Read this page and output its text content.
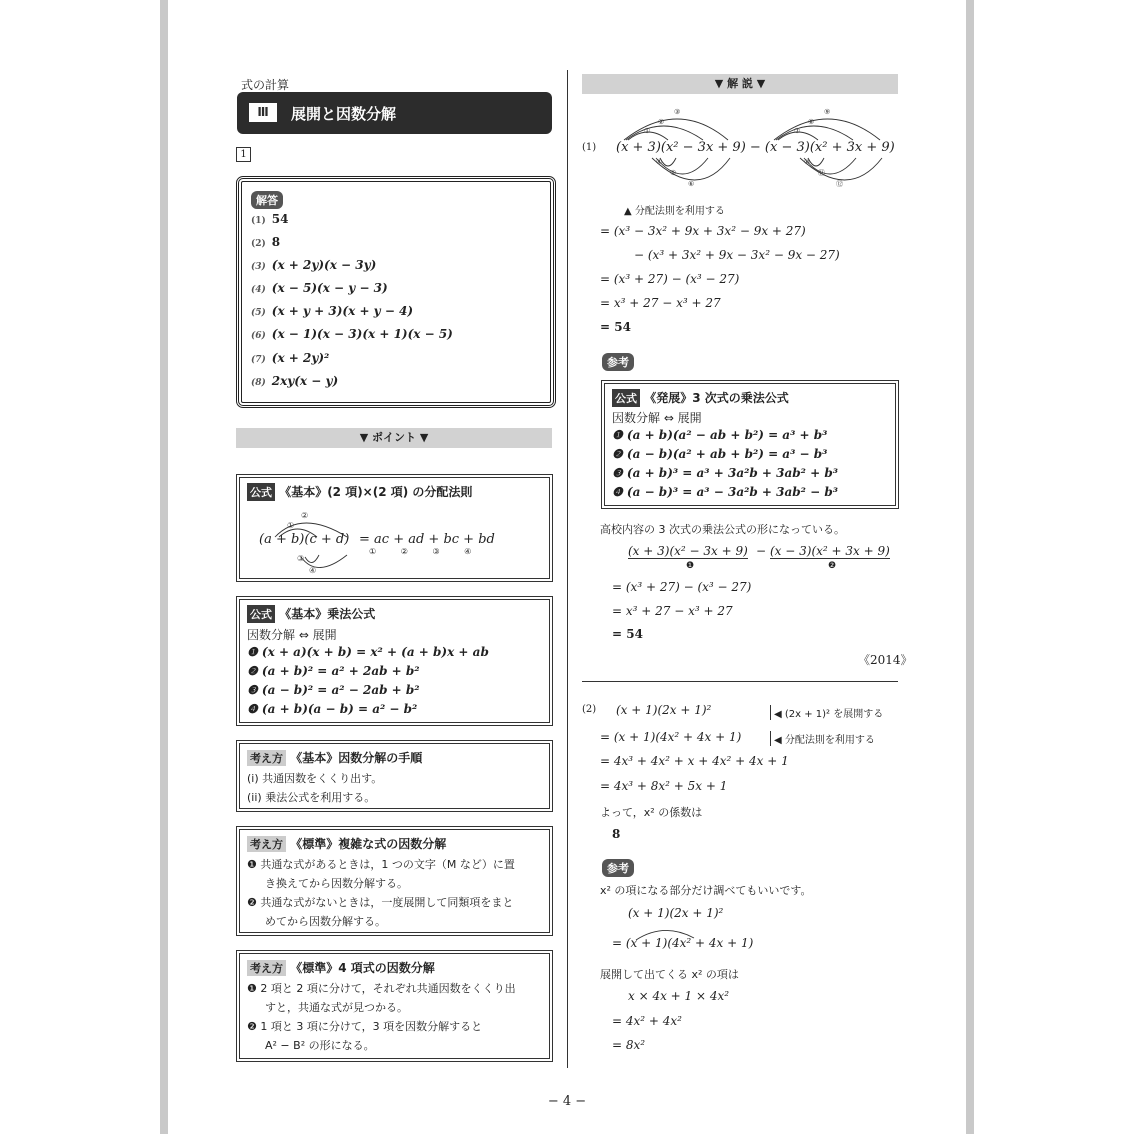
式の計算
Ⅲ	展開と因数分解
1
解答
(1) 54
(2) 8
(3) (x + 2y)(x − 3y)
(4) (x − 5)(x − y − 3)
(5) (x + y + 3)(x + y − 4)
(6) (x − 1)(x − 3)(x + 1)(x − 5)
(7) (x + 2y)²
(8) 2xy(x − y)
▼ ポイント ▼
公式 《基本》(2 項)×(2 項) の分配法則
②
①
③
④
(a + b)(c + d) = ac + ad + bc + bd
①	②	③	④
公式 《基本》乗法公式
因数分解 ⇔ 展開
❶ (x + a)(x + b) = x² + (a + b)x + ab
❷ (a + b)² = a² + 2ab + b²
❸ (a − b)² = a² − 2ab + b²
❹ (a + b)(a − b) = a² − b²
考え方 《基本》因数分解の手順
(i) 共通因数をくくり出す。
(ii) 乗法公式を利用する。
考え方 《標準》複雑な式の因数分解
❶ 共通な式があるときは，1 つの文字（M など）に置
き換えてから因数分解する。
❷ 共通な式がないときは，一度展開して同類項をまと
めてから因数分解する。
考え方 《標準》4 項式の因数分解
❶ 2 項と 2 項に分けて，それぞれ共通因数をくくり出
すと，共通な式が見つかる。
❷ 1 項と 3 項に分けて，3 項を因数分解すると
A² − B² の形になる。
▼ 解 説 ▼
(1)
③
②
①
④
⑤
⑥
⑨
⑧
⑦
⑩
⑪
⑫
(x + 3)(x² − 3x + 9) − (x − 3)(x² + 3x + 9)
▲ 分配法則を利用する
= (x³ − 3x² + 9x + 3x² − 9x + 27)
− (x³ + 3x² + 9x − 3x² − 9x − 27)
= (x³ + 27) − (x³ − 27)
= x³ + 27 − x³ + 27
= 54
参考
公式 《発展》3 次式の乗法公式
因数分解 ⇔ 展開
❶ (a + b)(a² − ab + b²) = a³ + b³
❷ (a − b)(a² + ab + b²) = a³ − b³
❸ (a + b)³ = a³ + 3a²b + 3ab² + b³
❹ (a − b)³ = a³ − 3a²b + 3ab² − b³
高校内容の 3 次式の乗法公式の形になっている。
(x + 3)(x² − 3x + 9) − (x − 3)(x² + 3x + 9)
❶	❷
= (x³ + 27) − (x³ − 27)
= x³ + 27 − x³ + 27
= 54
《2014》
(2) (x + 1)(2x + 1)²	◀ (2x + 1)² を展開する
= (x + 1)(4x² + 4x + 1)	◀ 分配法則を利用する
= 4x³ + 4x² + x + 4x² + 4x + 1
= 4x³ + 8x² + 5x + 1
よって，x² の係数は
8
参考
x² の項になる部分だけ調べてもいいです。
(x + 1)(2x + 1)²
= (x + 1)(4x² + 4x + 1)
展開して出てくる x² の項は
x × 4x + 1 × 4x²
= 4x² + 4x²
= 8x²
− 4 −
